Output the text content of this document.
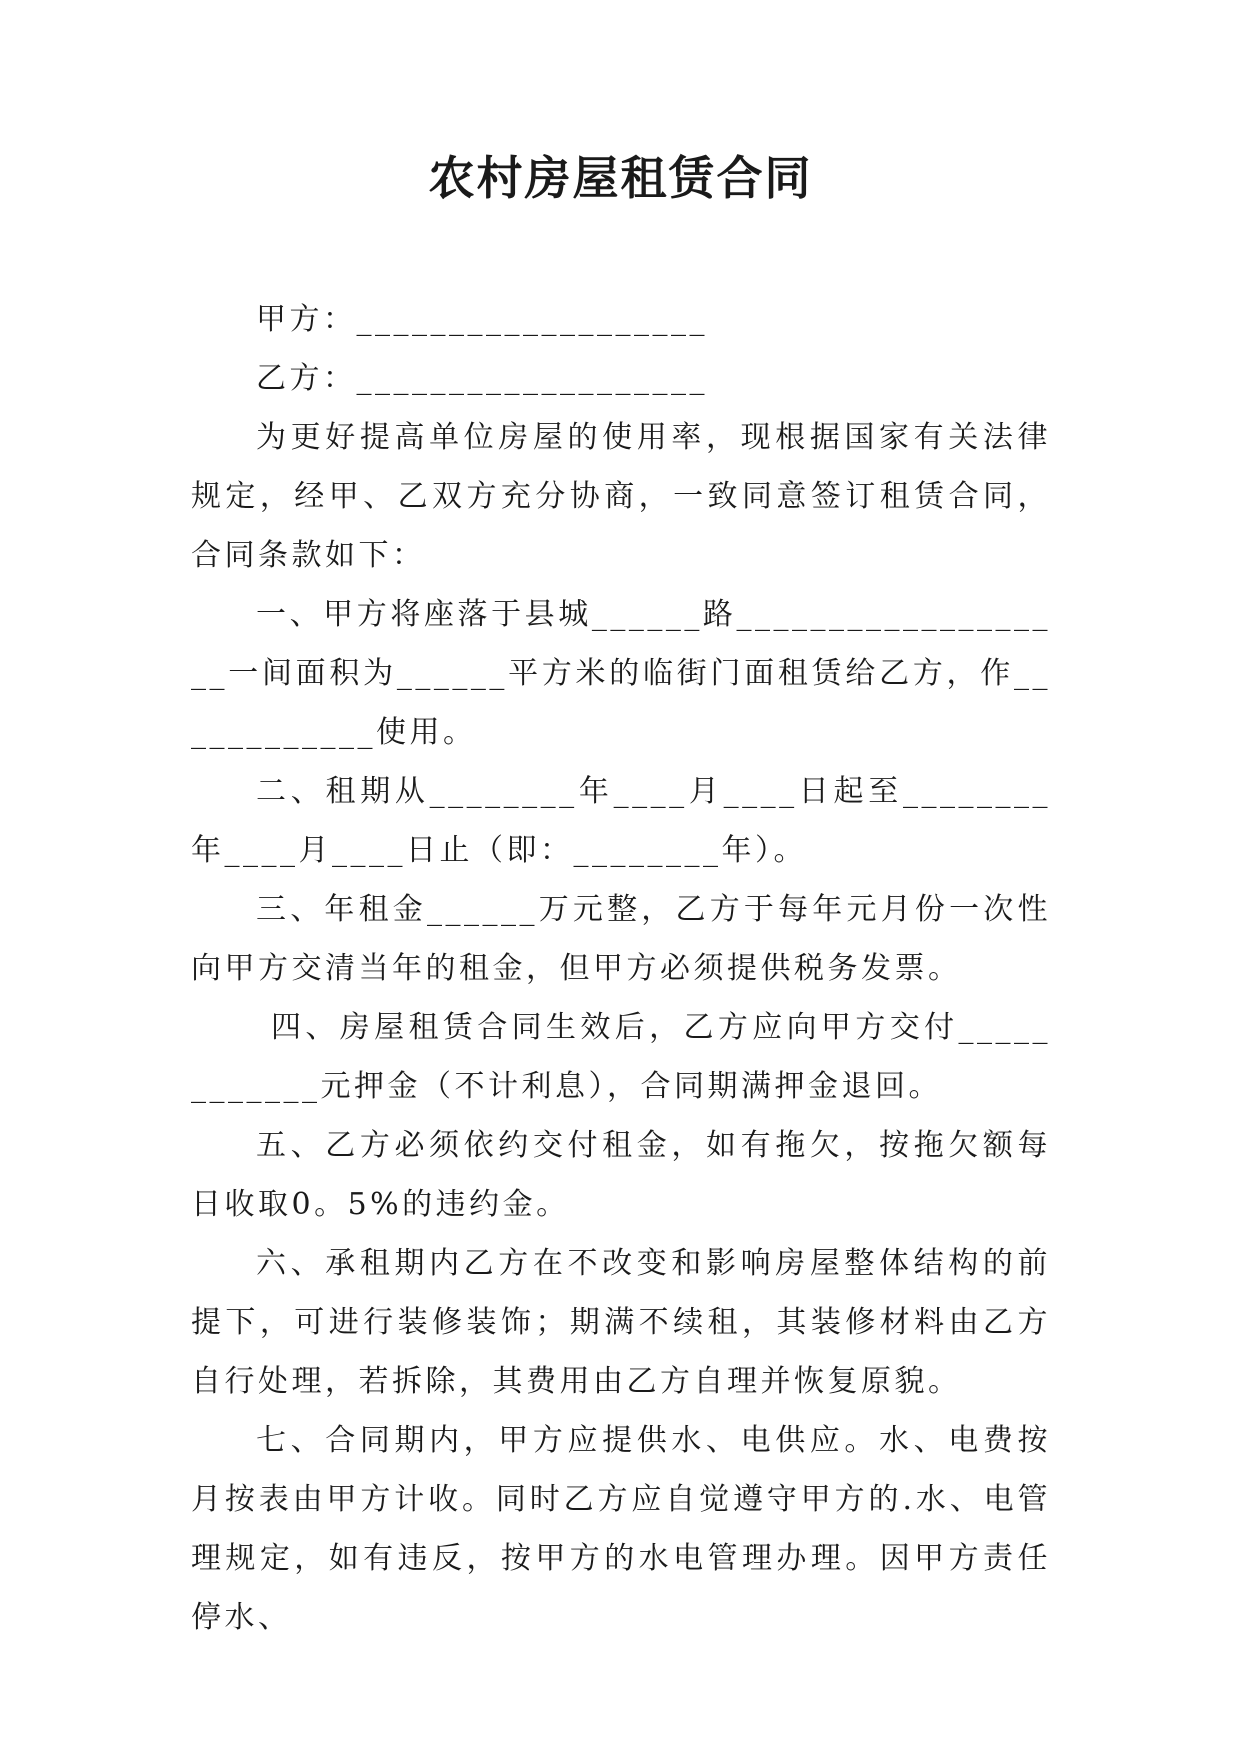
农村房屋租赁合同

甲方：___________________

乙方：___________________

为更好提高单位房屋的使用率，现根据国家有关法律规定，经甲、乙双方充分协商，一致同意签订租赁合同，合同条款如下：

一、甲方将座落于县城______路___________________一间面积为______平方米的临街门面租赁给乙方，作____________使用。

二、租期从________年____月____日起至________年____月____日止（即：________年）。

三、年租金______万元整，乙方于每年元月份一次性向甲方交清当年的租金，但甲方必须提供税务发票。

四、房屋租赁合同生效后，乙方应向甲方交付____________元押金（不计利息），合同期满押金退回。

五、乙方必须依约交付租金，如有拖欠，按拖欠额每日收取0。5%的违约金。

六、承租期内乙方在不改变和影响房屋整体结构的前提下，可进行装修装饰；期满不续租，其装修材料由乙方自行处理，若拆除，其费用由乙方自理并恢复原貌。

七、合同期内，甲方应提供水、电供应。水、电费按月按表由甲方计收。同时乙方应自觉遵守甲方的.水、电管理规定，如有违反，按甲方的水电管理办理。因甲方责任停水、
